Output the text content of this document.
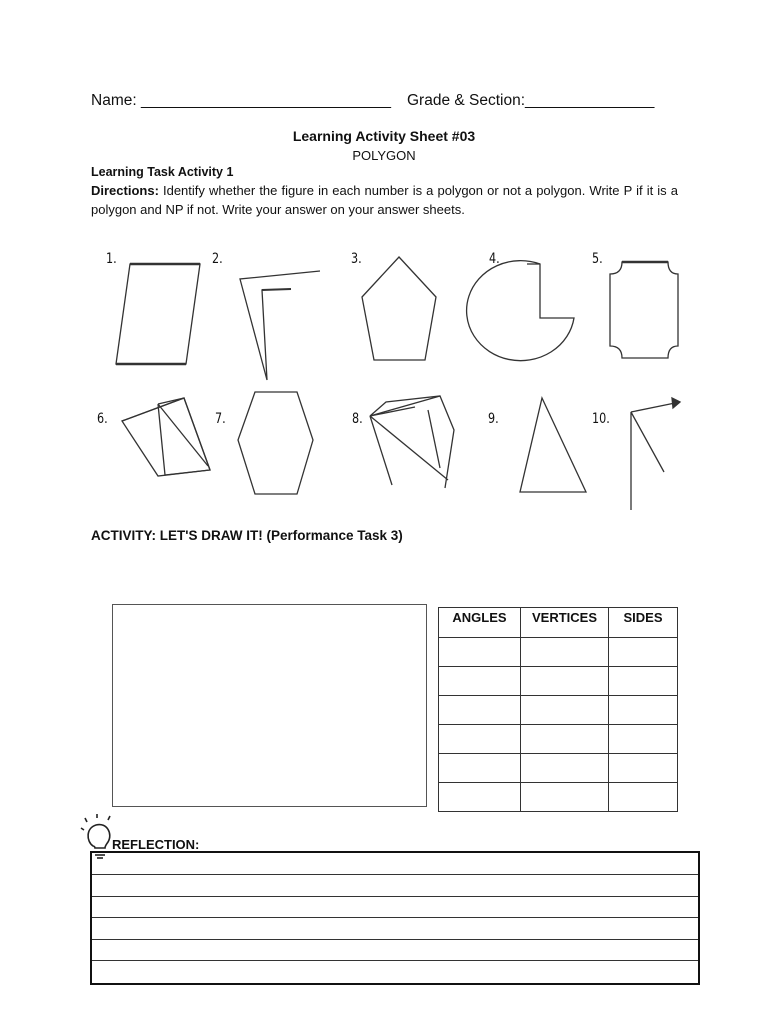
Name: _____________________________ Grade & Section:_______________
Learning Activity Sheet #03
POLYGON
Learning Task Activity 1
Directions: Identify whether the figure in each number is a polygon or not a polygon. Write P if it is a polygon and NP if not. Write your answer on your answer sheets.
1.	2.	3.	4.	5.
6.	7.	8.	9.	10.
ACTIVITY: LET'S DRAW IT! (Performance Task 3)
ANGLES	VERTICES	SIDES

REFLECTION:
